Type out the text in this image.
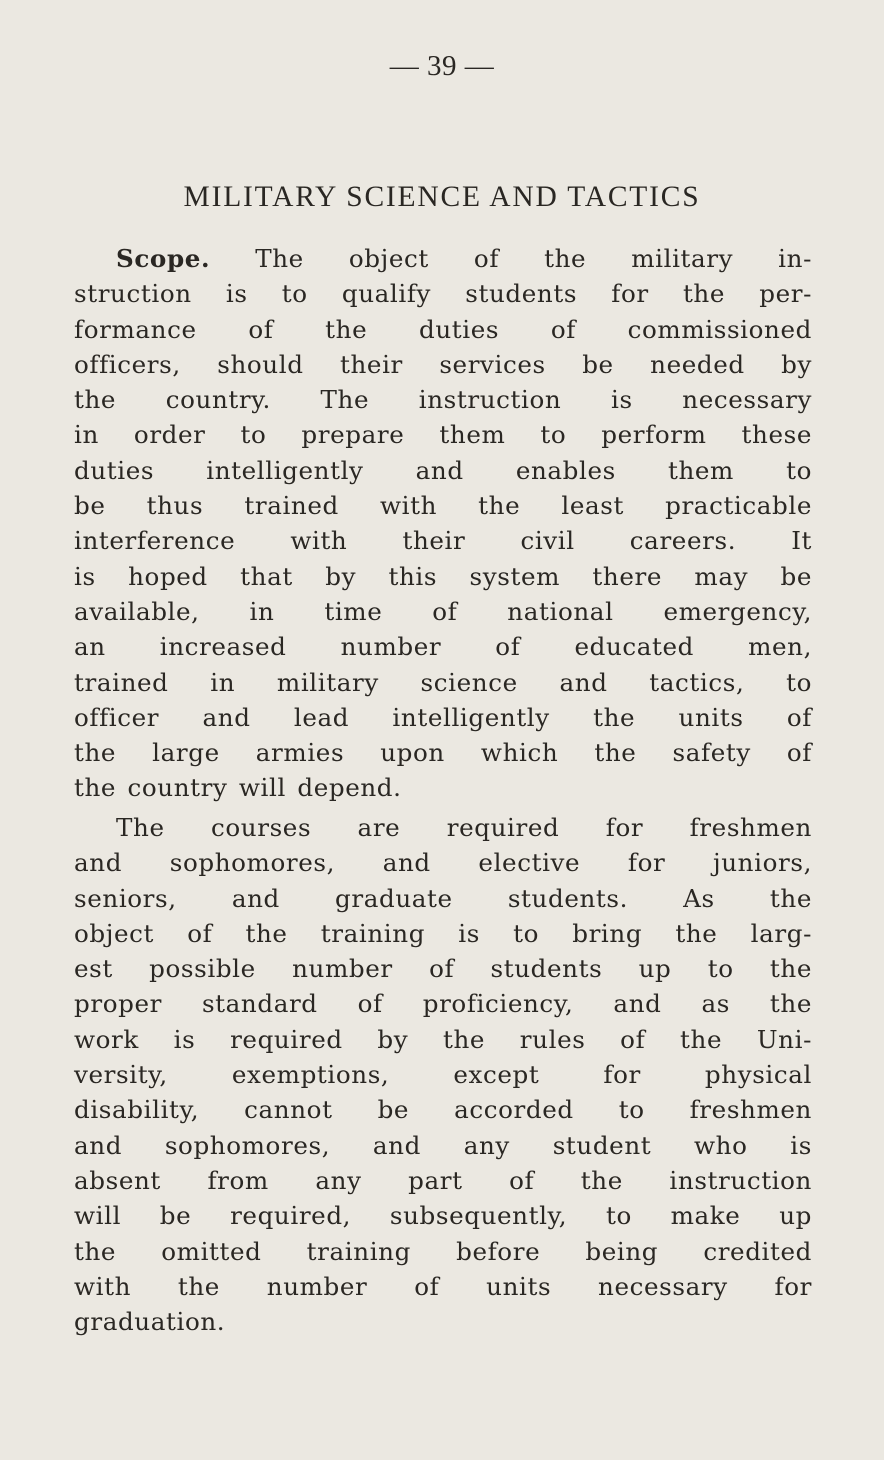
— 39 —
MILITARY SCIENCE AND TACTICS
Scope. The object of the military in-
struction is to qualify students for the per-
formance of the duties of commissioned
officers, should their services be needed by
the country. The instruction is necessary
in order to prepare them to perform these
duties intelligently and enables them to
be thus trained with the least practicable
interference with their civil careers. It
is hoped that by this system there may be
available, in time of national emergency,
an increased number of educated men,
trained in military science and tactics, to
officer and lead intelligently the units of
the large armies upon which the safety of
the country will depend.
The courses are required for freshmen
and sophomores, and elective for juniors,
seniors, and graduate students. As the
object of the training is to bring the larg-
est possible number of students up to the
proper standard of proficiency, and as the
work is required by the rules of the Uni-
versity, exemptions, except for physical
disability, cannot be accorded to freshmen
and sophomores, and any student who is
absent from any part of the instruction
will be required, subsequently, to make up
the omitted training before being credited
with the number of units necessary for
graduation.
